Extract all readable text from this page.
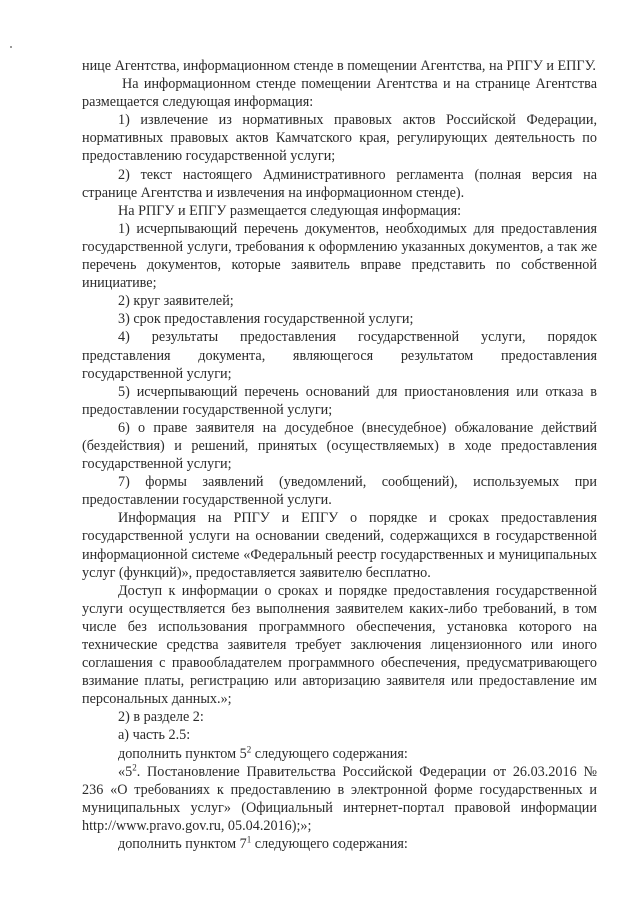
нице Агентства, информационном стенде в помещении Агентства, на РПГУ и ЕПГУ.

На информационном стенде помещении Агентства и на странице Агентства размещается следующая информация:

1) извлечение из нормативных правовых актов Российской Федерации, нормативных правовых актов Камчатского края, регулирующих деятельность по предоставлению государственной услуги;

2) текст настоящего Административного регламента (полная версия на странице Агентства и извлечения на информационном стенде).

На РПГУ и ЕПГУ размещается следующая информация:

1) исчерпывающий перечень документов, необходимых для предоставления государственной услуги, требования к оформлению указанных документов, а так же перечень документов, которые заявитель вправе представить по собственной инициативе;

2) круг заявителей;

3) срок предоставления государственной услуги;

4) результаты предоставления государственной услуги, порядок представления документа, являющегося результатом предоставления государственной услуги;

5) исчерпывающий перечень оснований для приостановления или отказа в предоставлении государственной услуги;

6) о праве заявителя на досудебное (внесудебное) обжалование действий (бездействия) и решений, принятых (осуществляемых) в ходе предоставления государственной услуги;

7) формы заявлений (уведомлений, сообщений), используемых при предоставлении государственной услуги.

Информация на РПГУ и ЕПГУ о порядке и сроках предоставления государственной услуги на основании сведений, содержащихся в государственной информационной системе «Федеральный реестр государственных и муниципальных услуг (функций)», предоставляется заявителю бесплатно.

Доступ к информации о сроках и порядке предоставления государственной услуги осуществляется без выполнения заявителем каких-либо требований, в том числе без использования программного обеспечения, установка которого на технические средства заявителя требует заключения лицензионного или иного соглашения с правообладателем программного обеспечения, предусматривающего взимание платы, регистрацию или авторизацию заявителя или предоставление им персональных данных.»;

2) в разделе 2:

а) часть 2.5:

дополнить пунктом $5^2$ следующего содержания:

«$5^2$. Постановление Правительства Российской Федерации от 26.03.2016 № 236 «О требованиях к предоставлению в электронной форме государственных и муниципальных услуг» (Официальный интернет-портал правовой информации http://www.pravo.gov.ru, 05.04.2016);»;

дополнить пунктом $7^1$ следующего содержания:
